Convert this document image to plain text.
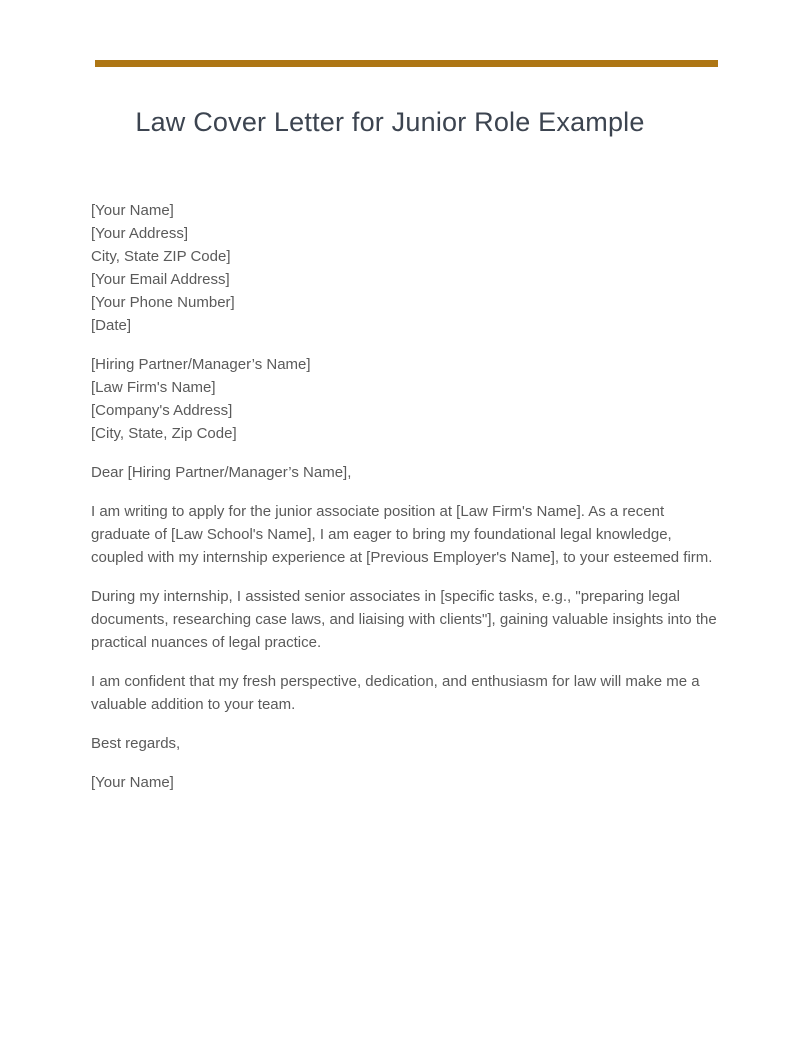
Law Cover Letter for Junior Role Example
[Your Name]
[Your Address]
City, State ZIP Code]
[Your Email Address]
[Your Phone Number]
[Date]
[Hiring Partner/Manager’s Name]
[Law Firm's Name]
[Company's Address]
[City, State, Zip Code]

Dear [Hiring Partner/Manager’s Name],

I am writing to apply for the junior associate position at [Law Firm's Name]. As a recent graduate of [Law School's Name], I am eager to bring my foundational legal knowledge, coupled with my internship experience at [Previous Employer's Name], to your esteemed firm.

During my internship, I assisted senior associates in [specific tasks, e.g., "preparing legal documents, researching case laws, and liaising with clients"], gaining valuable insights into the practical nuances of legal practice.

I am confident that my fresh perspective, dedication, and enthusiasm for law will make me a valuable addition to your team.

Best regards,

[Your Name]
